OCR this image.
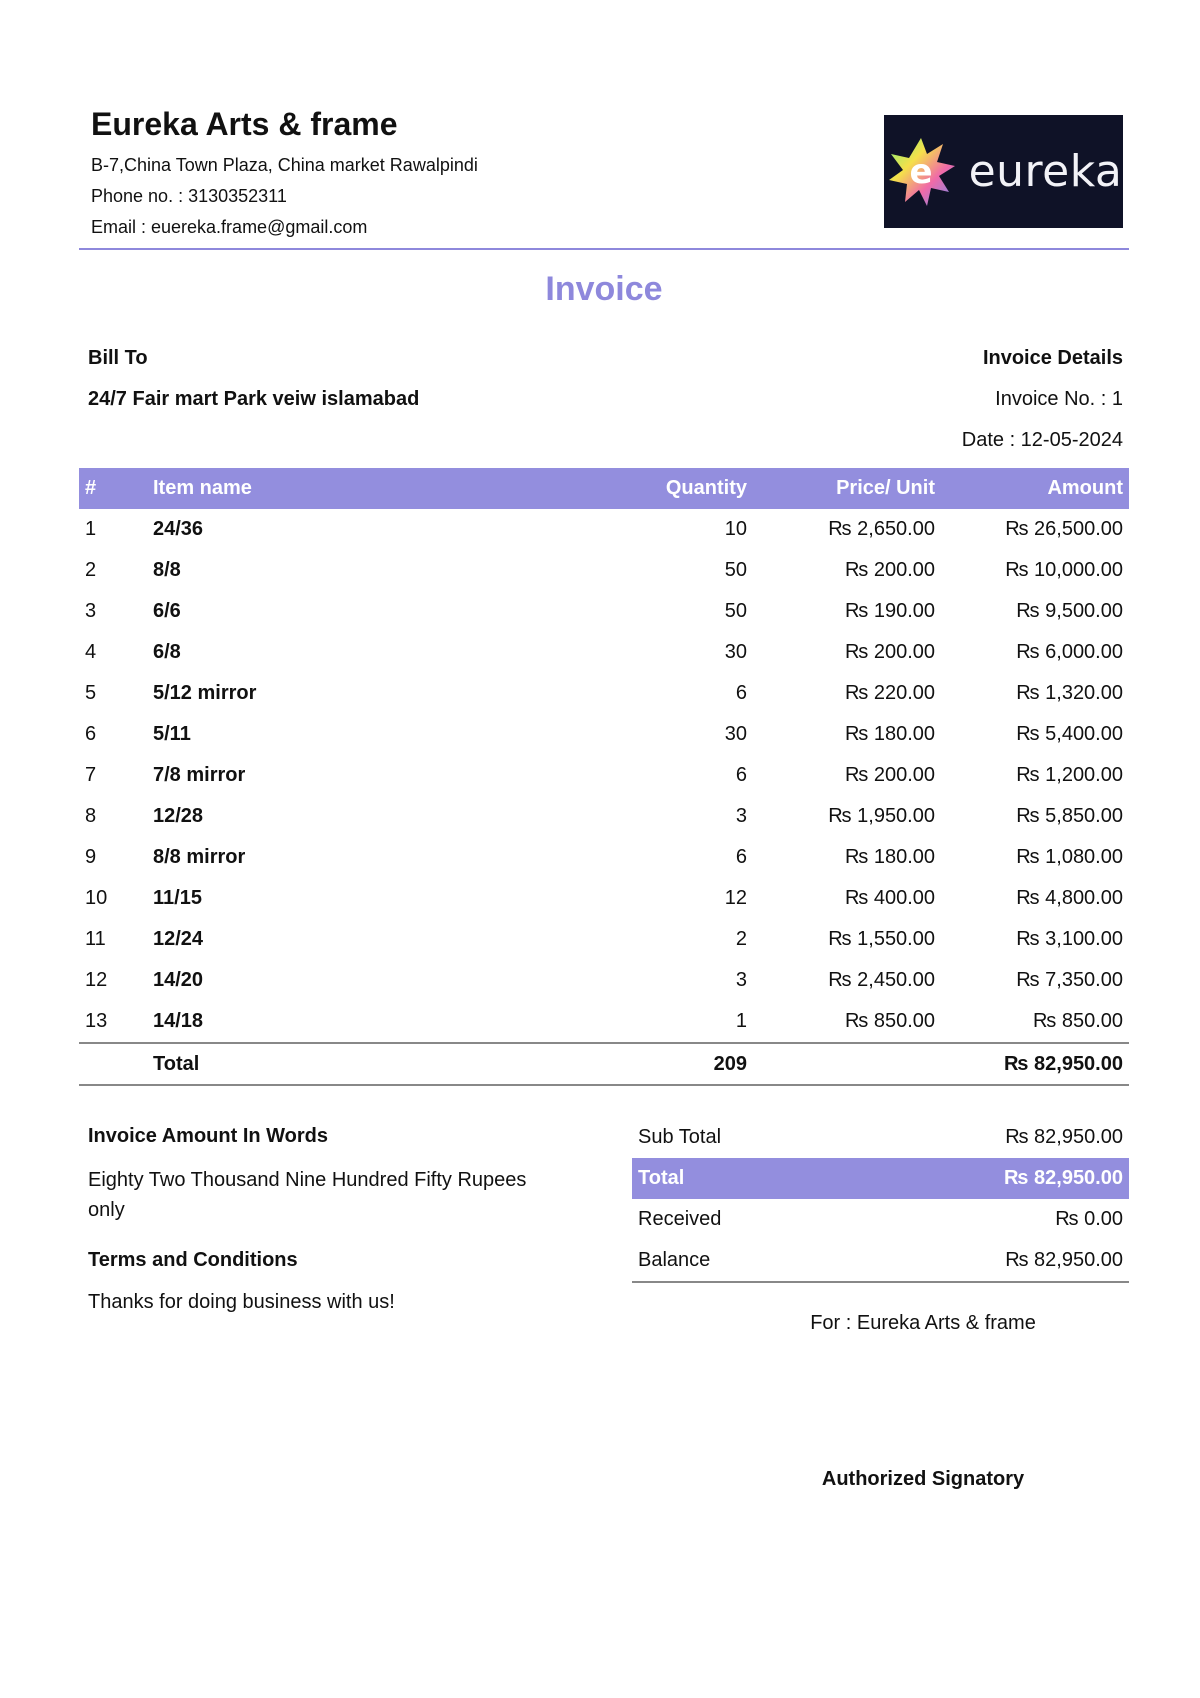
Eureka Arts & frame
B-7,China Town Plaza, China market Rawalpindi
Phone no. : 3130352311
Email : euereka.frame@gmail.com
e eureka
Invoice
Bill To
24/7 Fair mart Park veiw islamabad
Invoice Details
Invoice No. : 1
Date : 12-05-2024
#	Item name	Quantity	Price/ Unit	Amount
1	24/36	10	₨ 2,650.00	₨ 26,500.00
2	8/8	50	₨ 200.00	₨ 10,000.00
3	6/6	50	₨ 190.00	₨ 9,500.00
4	6/8	30	₨ 200.00	₨ 6,000.00
5	5/12 mirror	6	₨ 220.00	₨ 1,320.00
6	5/11	30	₨ 180.00	₨ 5,400.00
7	7/8 mirror	6	₨ 200.00	₨ 1,200.00
8	12/28	3	₨ 1,950.00	₨ 5,850.00
9	8/8 mirror	6	₨ 180.00	₨ 1,080.00
10	11/15	12	₨ 400.00	₨ 4,800.00
11	12/24	2	₨ 1,550.00	₨ 3,100.00
12	14/20	3	₨ 2,450.00	₨ 7,350.00
13	14/18	1	₨ 850.00	₨ 850.00
	Total	209		₨ 82,950.00
Invoice Amount In Words
Eighty Two Thousand Nine Hundred Fifty Rupees only
Terms and Conditions
Thanks for doing business with us!
Sub Total	₨ 82,950.00
Total	₨ 82,950.00
Received	₨ 0.00
Balance	₨ 82,950.00
For : Eureka Arts & frame
Authorized Signatory
